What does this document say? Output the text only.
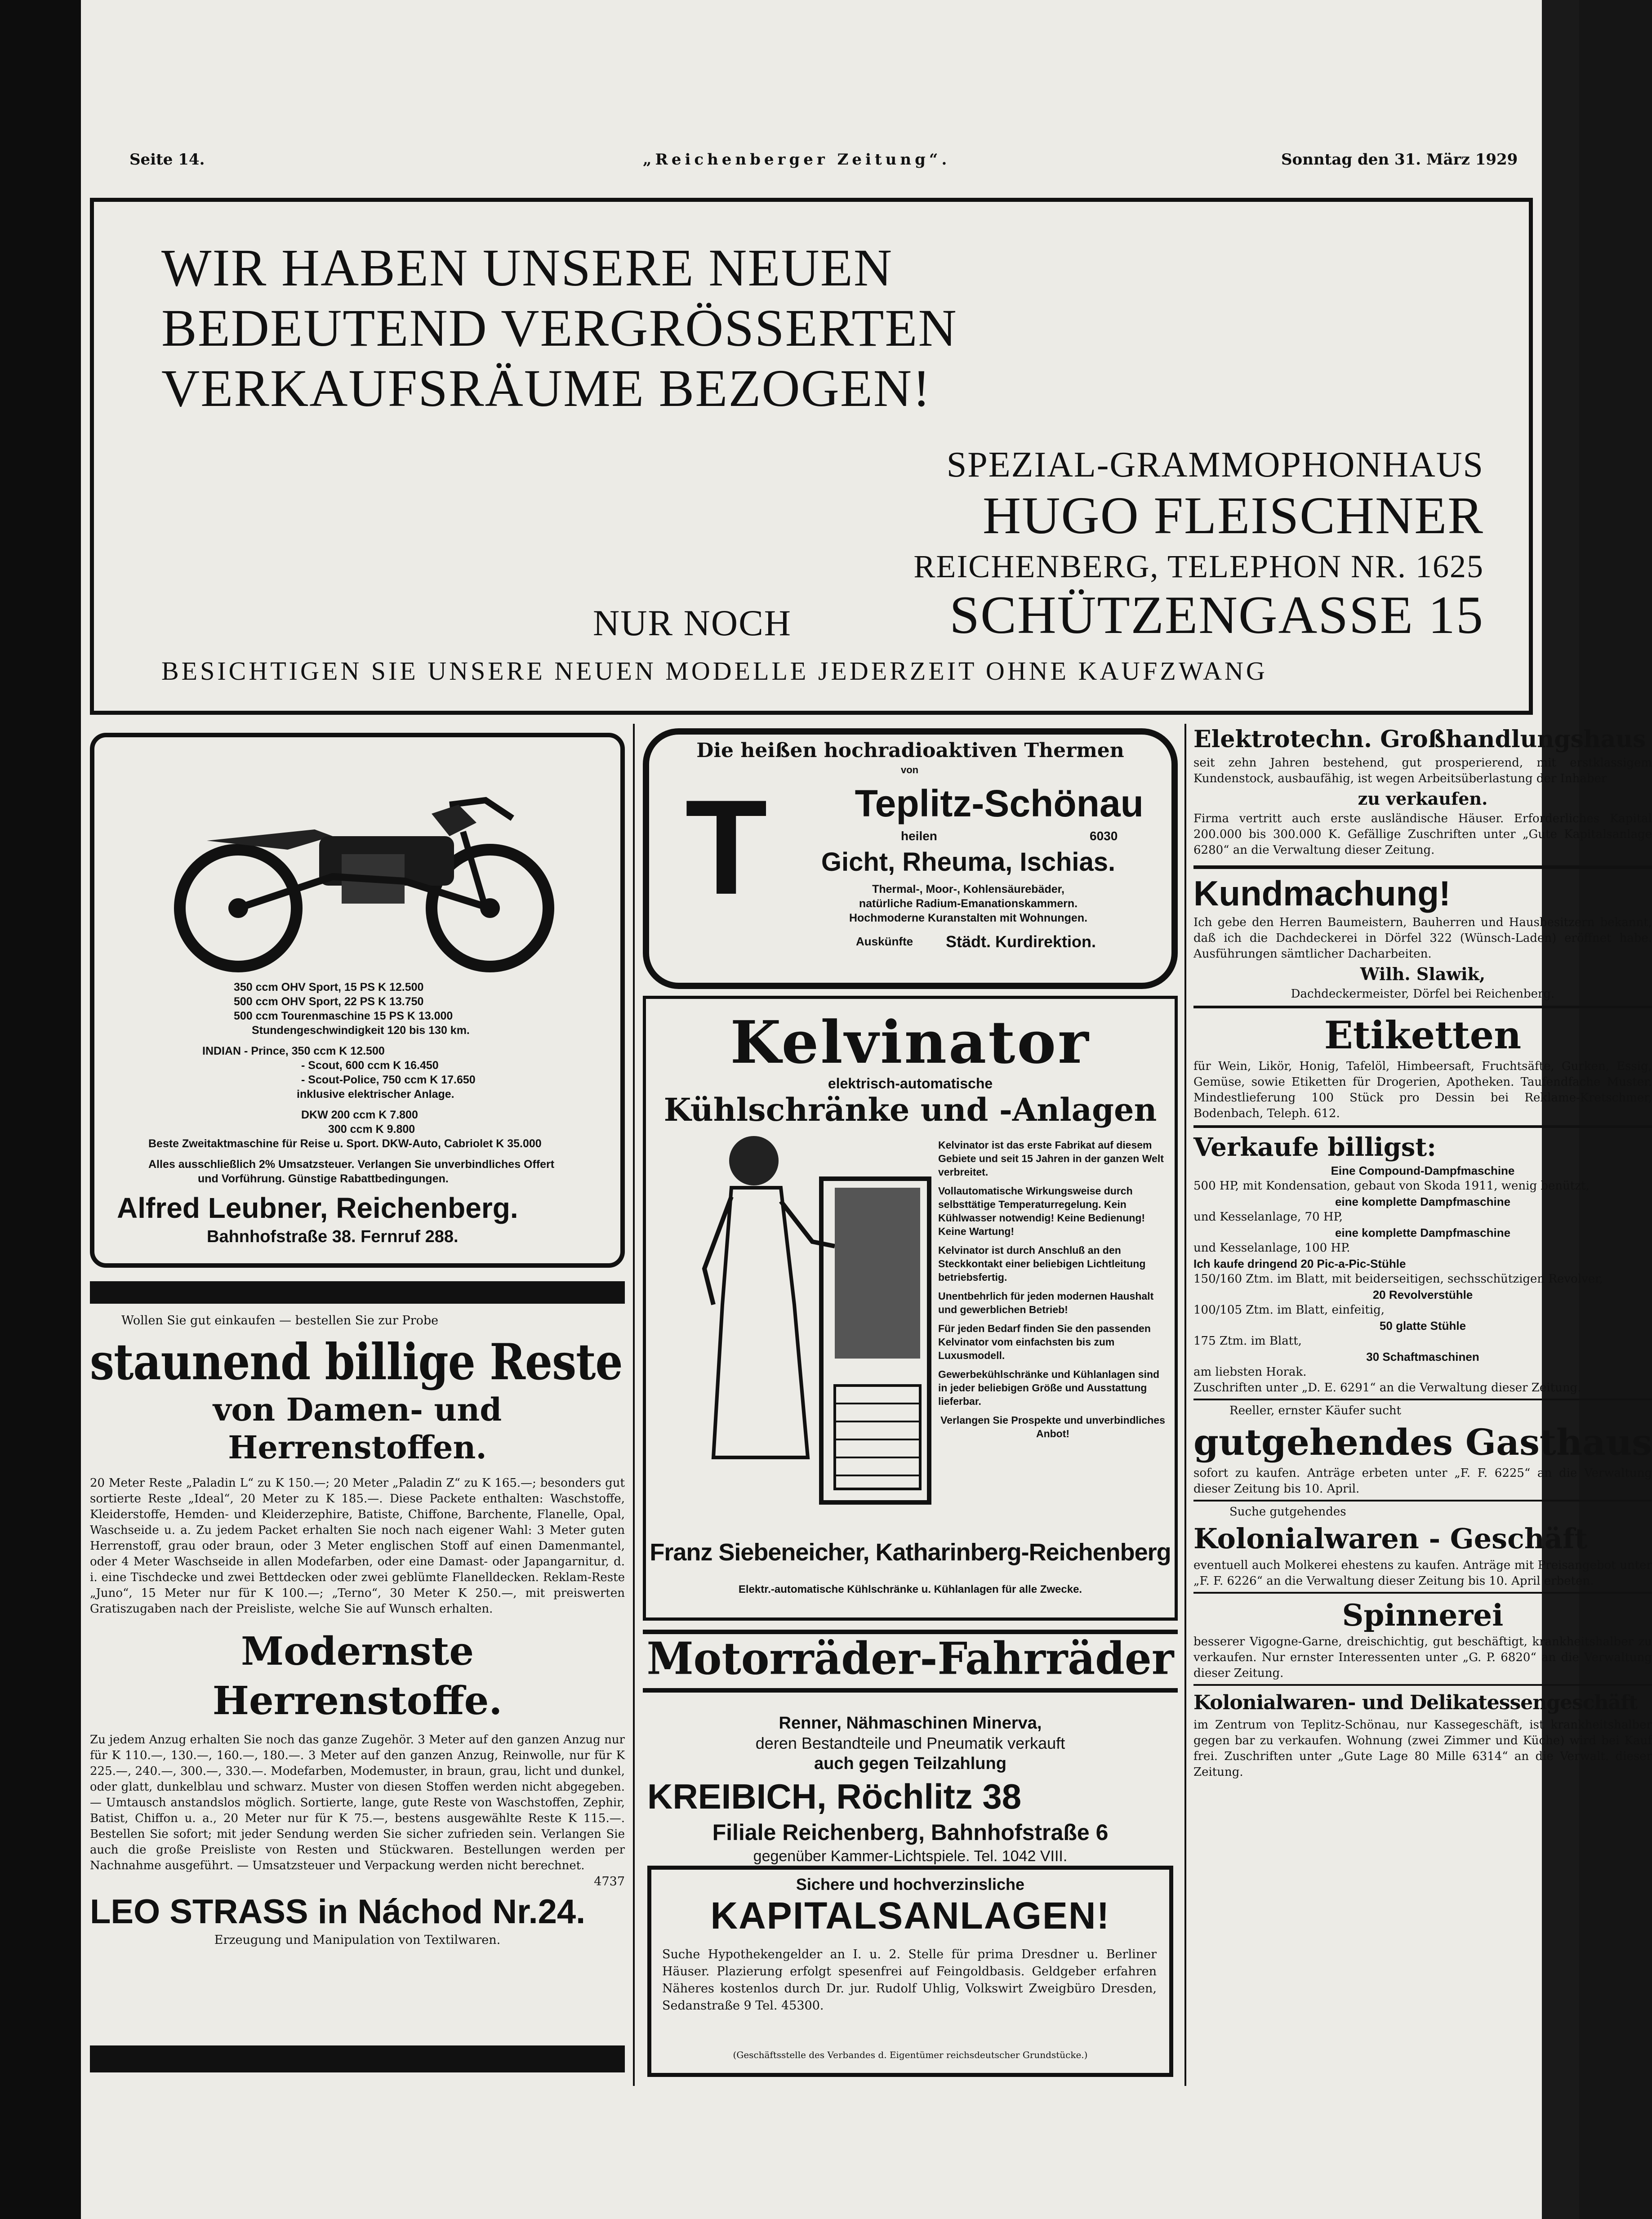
Seite 14.	„Reichenberger Zeitung“.	Sonntag den 31. März 1929
WIR HABEN UNSERE NEUEN
BEDEUTEND VERGRÖSSERTEN
VERKAUFSRÄUME BEZOGEN!
SPEZIAL-GRAMMOPHONHAUS
HUGO FLEISCHNER
REICHENBERG, TELEPHON NR. 1625
NUR NOCH	SCHÜTZENGASSE 15
BESICHTIGEN SIE UNSERE NEUEN MODELLE JEDERZEIT OHNE KAUFZWANG
350 ccm OHV Sport, 15 PS K 12.500
500 ccm OHV Sport, 22 PS K 13.750
500 ccm Tourenmaschine 15 PS K 13.000
Stundengeschwindigkeit 120 bis 130 km.
INDIAN - Prince, 350 ccm K 12.500
- Scout, 600 ccm K 16.450
- Scout-Police, 750 ccm K 17.650
inklusive elektrischer Anlage.
DKW 200 ccm K 7.800
300 ccm K 9.800
Beste Zweitaktmaschine für Reise u. Sport. DKW-Auto, Cabriolet K 35.000
Alles ausschließlich 2% Umsatzsteuer. Verlangen Sie unverbindliches Offert
und Vorführung. Günstige Rabattbedingungen.
Alfred Leubner, Reichenberg.
Bahnhofstraße 38. Fernruf 288.
Wollen Sie gut einkaufen — bestellen Sie zur Probe
staunend billige Reste
von Damen- und Herrenstoffen.

20 Meter Reste „Paladin L“ zu K 150.—; 20 Meter „Paladin Z“ zu K 165.—; besonders gut sortierte Reste „Ideal“, 20 Meter zu K 185.—. Diese Packete enthalten: Waschstoffe, Kleiderstoffe, Hemden- und Kleiderzephire, Batiste, Chiffone, Barchente, Flanelle, Opal, Waschseide u. a. Zu jedem Packet erhalten Sie noch nach eigener Wahl: 3 Meter guten Herrenstoff, grau oder braun, oder 3 Meter englischen Stoff auf einen Damenmantel, oder 4 Meter Waschseide in allen Modefarben, oder eine Damast- oder Japangarnitur, d. i. eine Tischdecke und zwei Bettdecken oder zwei geblümte Flanelldecken. Reklam-Reste „Juno“, 15 Meter nur für K 100.—; „Terno“, 30 Meter K 250.—, mit preiswerten Gratiszugaben nach der Preisliste, welche Sie auf Wunsch erhalten.

Modernste Herrenstoffe.

Zu jedem Anzug erhalten Sie noch das ganze Zugehör. 3 Meter auf den ganzen Anzug nur für K 110.—, 130.—, 160.—, 180.—. 3 Meter auf den ganzen Anzug, Reinwolle, nur für K 225.—, 240.—, 300.—, 330.—. Modefarben, Modemuster, in braun, grau, licht und dunkel, oder glatt, dunkelblau und schwarz. Muster von diesen Stoffen werden nicht abgegeben. — Umtausch anstandslos möglich. Sortierte, lange, gute Reste von Waschstoffen, Zephir, Batist, Chiffon u. a., 20 Meter nur für K 75.—, bestens ausgewählte Reste K 115.—. Bestellen Sie sofort; mit jeder Sendung werden Sie sicher zufrieden sein. Verlangen Sie auch die große Preisliste von Resten und Stückwaren. Bestellungen werden per Nachnahme ausgeführt. — Umsatzsteuer und Verpackung werden nicht berechnet.

4737
LEO STRASS in Náchod Nr.24.
Erzeugung und Manipulation von Textilwaren.
Die heißen hochradioaktiven Thermen
von
T	Teplitz-Schönau
heilen	6030
Gicht, Rheuma, Ischias.
Thermal-, Moor-, Kohlensäurebäder,
natürliche Radium-Emanationskammern.
Hochmoderne Kuranstalten mit Wohnungen.
Auskünfte Städt. Kurdirektion.
Kelvinator
elektrisch-automatische
Kühlschränke und -Anlagen

Kelvinator ist das erste Fabrikat auf diesem Gebiete und seit 15 Jahren in der ganzen Welt verbreitet.

Vollautomatische Wirkungsweise durch selbsttätige Temperaturregelung. Kein Kühlwasser notwendig! Keine Bedienung! Keine Wartung!

Kelvinator ist durch Anschluß an den Steckkontakt einer beliebigen Lichtleitung betriebsfertig.

Unentbehrlich für jeden modernen Haushalt und gewerblichen Betrieb!

Für jeden Bedarf finden Sie den passenden Kelvinator vom einfachsten bis zum Luxusmodell.

Gewerbekühlschränke und Kühlanlagen sind in jeder beliebigen Größe und Ausstattung lieferbar.

Verlangen Sie Prospekte und unverbindliches Anbot!

Franz Siebeneicher, Katharinberg-Reichenberg
Elektr.-automatische Kühlschränke u. Kühlanlagen für alle Zwecke.
Motorräder-Fahrräder
Renner, Nähmaschinen Minerva,
deren Bestandteile und Pneumatik verkauft
auch gegen Teilzahlung
KREIBICH, Röchlitz 38
Filiale Reichenberg, Bahnhofstraße 6
gegenüber Kammer-Lichtspiele. Tel. 1042 VIII.
Sichere und hochverzinsliche
KAPITALSANLAGEN!

Suche Hypothekengelder an I. u. 2. Stelle für prima Dresdner u. Berliner Häuser. Plazierung erfolgt spesenfrei auf Feingoldbasis. Geldgeber erfahren Näheres kostenlos durch Dr. jur. Rudolf Uhlig, Volkswirt Zweigbüro Dresden, Sedanstraße 9 Tel. 45300.

(Geschäftsstelle des Verbandes d. Eigentümer reichsdeutscher Grundstücke.)
Elektrotechn. Großhandlungshaus

seit zehn Jahren bestehend, gut prosperierend, mit erstklassigem Kundenstock, ausbaufähig, ist wegen Arbeitsüberlastung der Inhaber

zu verkaufen.

Firma vertritt auch erste ausländische Häuser. Erforderliches Kapital 200.000 bis 300.000 K. Gefällige Zuschriften unter „Gute Kapitalsanlage 6280“ an die Verwaltung dieser Zeitung.

Kundmachung!

Ich gebe den Herren Baumeistern, Bauherren und Hausbesitzern bekannt, daß ich die Dachdeckerei in Dörfel 322 (Wünsch-Laden) eröffnet habe. Ausführungen sämtlicher Dacharbeiten.

Wilh. Slawik,
Dachdeckermeister, Dörfel bei Reichenberg.
Etiketten

für Wein, Likör, Honig, Tafelöl, Himbeersaft, Fruchtsäfte, Gurken, Essig, Gemüse, sowie Etiketten für Drogerien, Apotheken. Taufendfache Muster. Mindestlieferung 100 Stück pro Dessin bei Reklame-Kretschmer, Bodenbach, Teleph. 612.

Verkaufe billigst:
Eine Compound-Dampfmaschine
500 HP, mit Kondensation, gebaut von Skoda 1911, wenig benützt,
eine komplette Dampfmaschine
und Kesselanlage, 70 HP,
eine komplette Dampfmaschine
und Kesselanlage, 100 HP.
Ich kaufe dringend 20 Pic-a-Pic-Stühle
150/160 Ztm. im Blatt, mit beiderseitigen, sechsschützigen Revolver,
20 Revolverstühle
100/105 Ztm. im Blatt, einfeitig,
50 glatte Stühle
175 Ztm. im Blatt,
30 Schaftmaschinen
am liebsten Horak.

Zuschriften unter „D. E. 6291“ an die Verwaltung dieser Zeitung.

Reeller, ernster Käufer sucht
gutgehendes Gasthaus

sofort zu kaufen. Anträge erbeten unter „F. F. 6225“ an die Verwaltung dieser Zeitung bis 10. April.

Suche gutgehendes
Kolonialwaren - Geschäft

eventuell auch Molkerei ehestens zu kaufen. Anträge mit Preisangebot unter „F. F. 6226“ an die Verwaltung dieser Zeitung bis 10. April erbeten.

Spinnerei

besserer Vigogne-Garne, dreischichtig, gut beschäftigt, krankheitshalber zu verkaufen. Nur ernster Interessenten unter „G. P. 6820“ an die Verwaltung dieser Zeitung.

Kolonialwaren- und Delikatessengeschäft

im Zentrum von Teplitz-Schönau, nur Kassegeschäft, ist krankheitshalber gegen bar zu verkaufen. Wohnung (zwei Zimmer und Küche) wird bei Kauf frei. Zuschriften unter „Gute Lage 80 Mille 6314“ an die Verwalt. dieser Zeitung.
